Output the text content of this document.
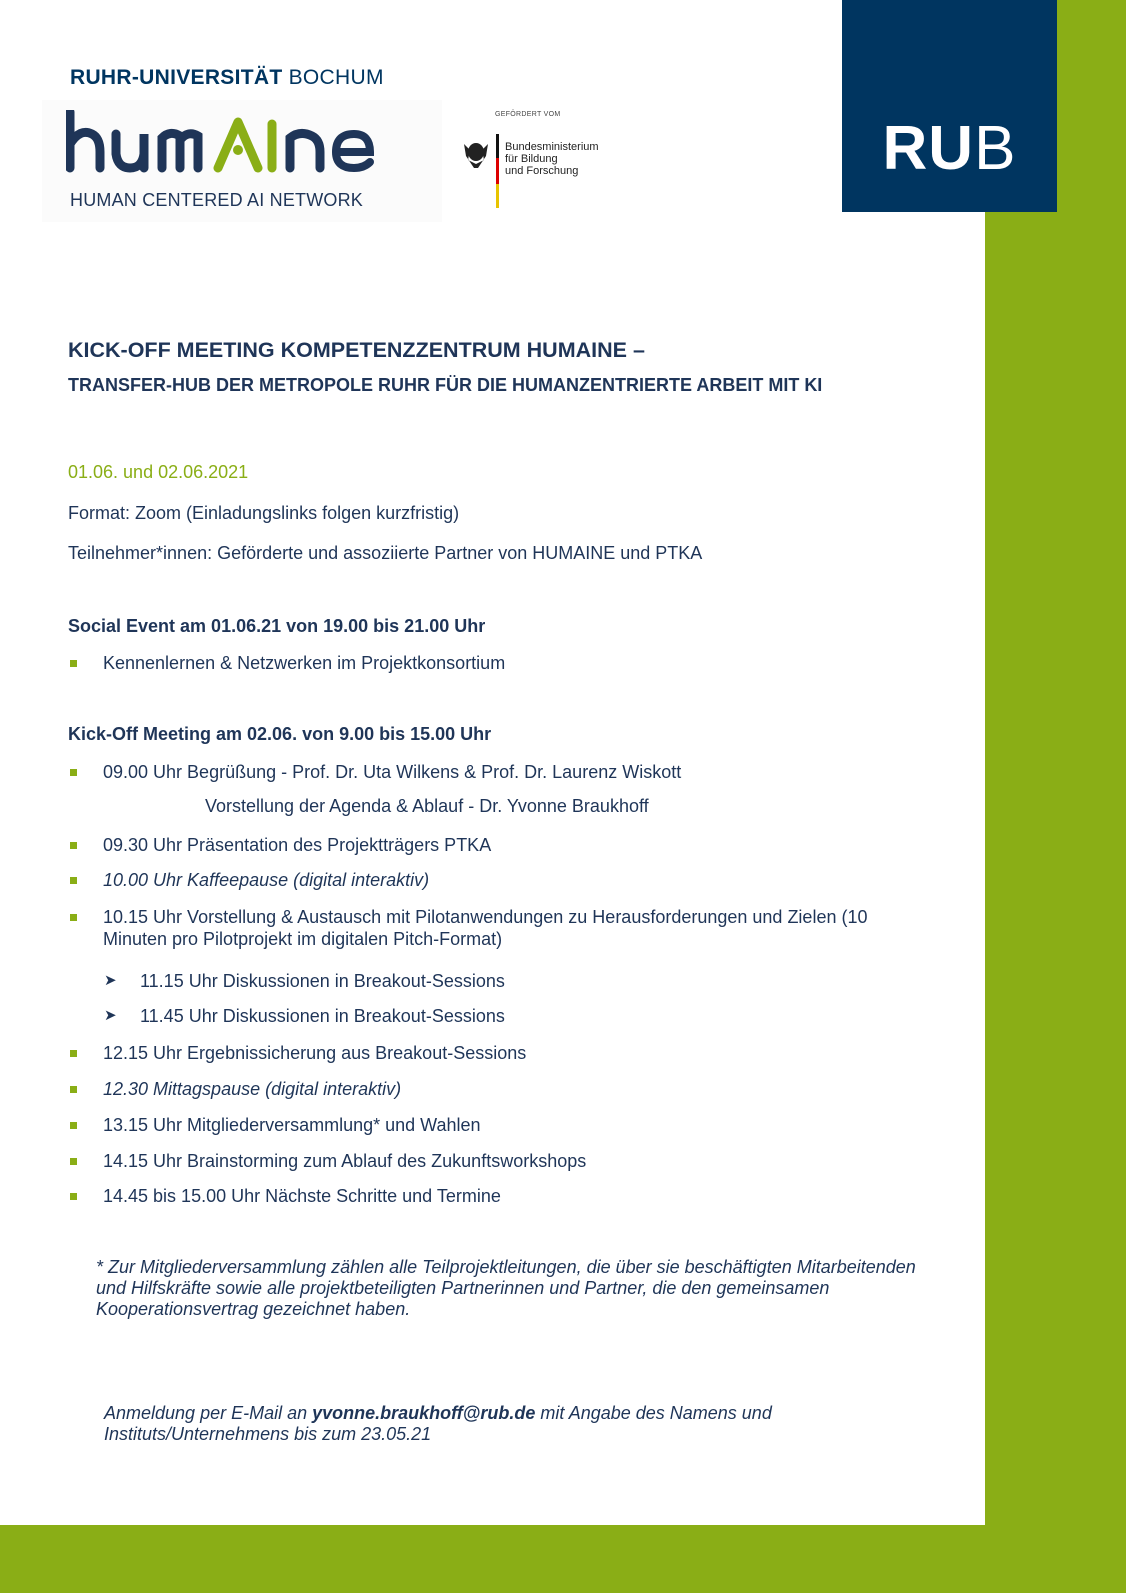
RUB
RUHR-UNIVERSITÄT BOCHUM
HUMAN CENTERED AI NETWORK
GEFÖRDERT VOM
Bundesministerium
für Bildung
und Forschung
KICK-OFF MEETING KOMPETENZZENTRUM HUMAINE –
TRANSFER-HUB DER METROPOLE RUHR FÜR DIE HUMANZENTRIERTE ARBEIT MIT KI
01.06. und 02.06.2021
Format: Zoom (Einladungslinks folgen kurzfristig)
Teilnehmer*innen: Geförderte und assoziierte Partner von HUMAINE und PTKA
Social Event am 01.06.21 von 19.00 bis 21.00 Uhr
Kennenlernen & Netzwerken im Projektkonsortium
Kick-Off Meeting am 02.06. von 9.00 bis 15.00 Uhr
09.00 Uhr Begrüßung - Prof. Dr. Uta Wilkens & Prof. Dr. Laurenz Wiskott
Vorstellung der Agenda & Ablauf - Dr. Yvonne Braukhoff
09.30 Uhr Präsentation des Projektträgers PTKA
10.00 Uhr Kaffeepause (digital interaktiv)
10.15 Uhr Vorstellung & Austausch mit Pilotanwendungen zu Herausforderungen und Zielen (10 Minuten pro Pilotprojekt im digitalen Pitch-Format)
➤ 11.15 Uhr Diskussionen in Breakout-Sessions
➤ 11.45 Uhr Diskussionen in Breakout-Sessions
12.15 Uhr Ergebnissicherung aus Breakout-Sessions
12.30 Mittagspause (digital interaktiv)
13.15 Uhr Mitgliederversammlung* und Wahlen
14.15 Uhr Brainstorming zum Ablauf des Zukunftsworkshops
14.45 bis 15.00 Uhr Nächste Schritte und Termine
* Zur Mitgliederversammlung zählen alle Teilprojektleitungen, die über sie beschäftigten Mitarbeitenden und Hilfskräfte sowie alle projektbeteiligten Partnerinnen und Partner, die den gemeinsamen Kooperationsvertrag gezeichnet haben.
Anmeldung per E-Mail an yvonne.braukhoff@rub.de mit Angabe des Namens und Instituts/Unternehmens bis zum 23.05.21
